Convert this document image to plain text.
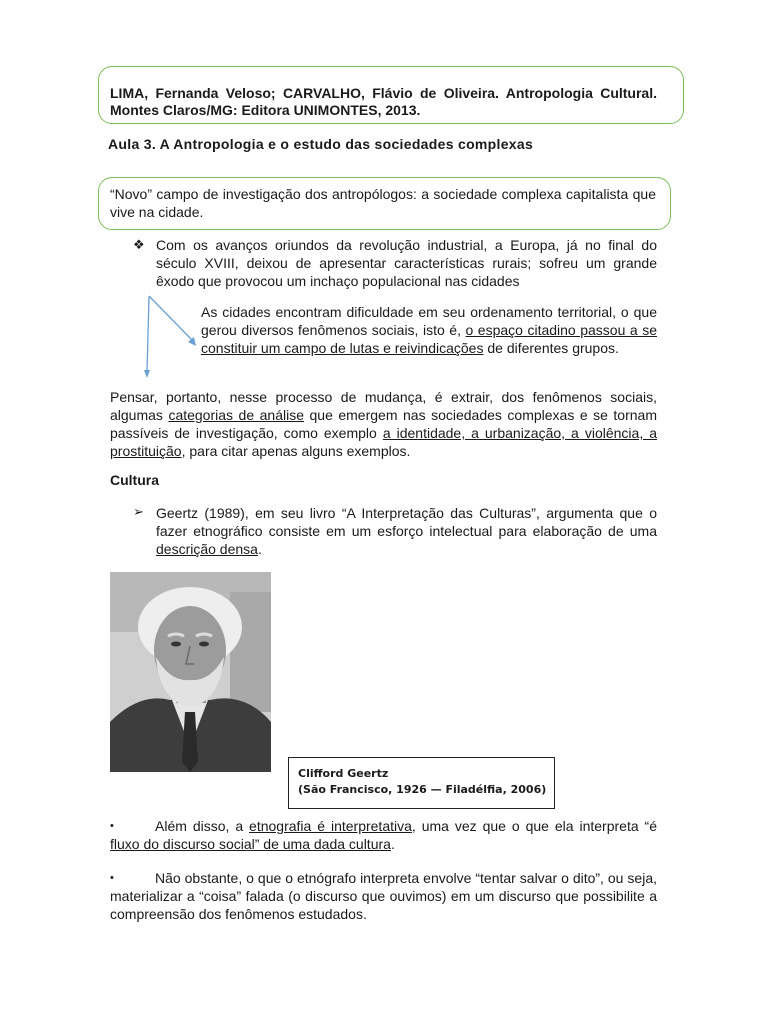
LIMA, Fernanda Veloso; CARVALHO, Flávio de Oliveira. Antropologia Cultural. Montes Claros/MG: Editora UNIMONTES, 2013.
Aula 3. A Antropologia e o estudo das sociedades complexas
“Novo” campo de investigação dos antropólogos: a sociedade complexa capitalista que vive na cidade.
❖ Com os avanços oriundos da revolução industrial, a Europa, já no final do século XVIII, deixou de apresentar características rurais; sofreu um grande êxodo que provocou um inchaço populacional nas cidades
As cidades encontram dificuldade em seu ordenamento territorial, o que gerou diversos fenômenos sociais, isto é, o espaço citadino passou a se constituir um campo de lutas e reivindicações de diferentes grupos.
Pensar, portanto, nesse processo de mudança, é extrair, dos fenômenos sociais, algumas categorias de análise que emergem nas sociedades complexas e se tornam passíveis de investigação, como exemplo a identidade, a urbanização, a violência, a prostituição, para citar apenas alguns exemplos.
Cultura
➢ Geertz (1989), em seu livro “A Interpretação das Culturas”, argumenta que o fazer etnográfico consiste em um esforço intelectual para elaboração de uma descrição densa.
Clifford Geertz
(São Francisco, 1926 — Filadélfia, 2006)
•	Além disso, a etnografia é interpretativa, uma vez que o que ela interpreta “é fluxo do discurso social” de uma dada cultura.
•	Não obstante, o que o etnógrafo interpreta envolve “tentar salvar o dito”, ou seja, materializar a “coisa” falada (o discurso que ouvimos) em um discurso que possibilite a compreensão dos fenômenos estudados.
